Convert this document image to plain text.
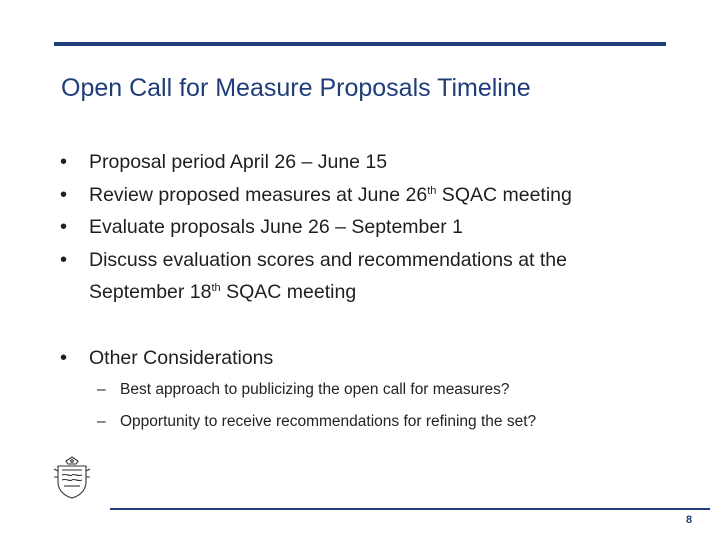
Open Call for Measure Proposals Timeline
• Proposal period April 26 – June 15
• Review proposed measures at June 26th SQAC meeting
• Evaluate proposals June 26 – September 1
• Discuss evaluation scores and recommendations at the
September 18th SQAC meeting
• Other Considerations
– Best approach to publicizing the open call for measures?
– Opportunity to receive recommendations for refining the set?
8
